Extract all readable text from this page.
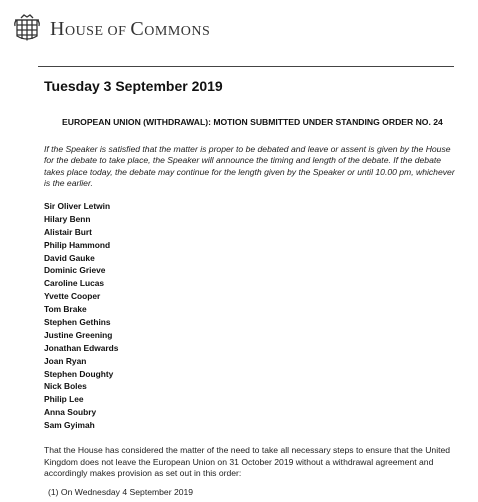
HOUSE OF COMMONS
Tuesday 3 September 2019
EUROPEAN UNION (WITHDRAWAL): MOTION SUBMITTED UNDER STANDING ORDER NO. 24
If the Speaker is satisfied that the matter is proper to be debated and leave or assent is given by the House for the debate to take place, the Speaker will announce the timing and length of the debate. If the debate takes place today, the debate may continue for the length given by the Speaker or until 10.00 pm, whichever is the earlier.
Sir Oliver Letwin
Hilary Benn
Alistair Burt
Philip Hammond
David Gauke
Dominic Grieve
Caroline Lucas
Yvette Cooper
Tom Brake
Stephen Gethins
Justine Greening
Jonathan Edwards
Joan Ryan
Stephen Doughty
Nick Boles
Philip Lee
Anna Soubry
Sam Gyimah
That the House has considered the matter of the need to take all necessary steps to ensure that the United Kingdom does not leave the European Union on 31 October 2019 without a withdrawal agreement and accordingly makes provision as set out in this order:
(1) On Wednesday 4 September 2019
